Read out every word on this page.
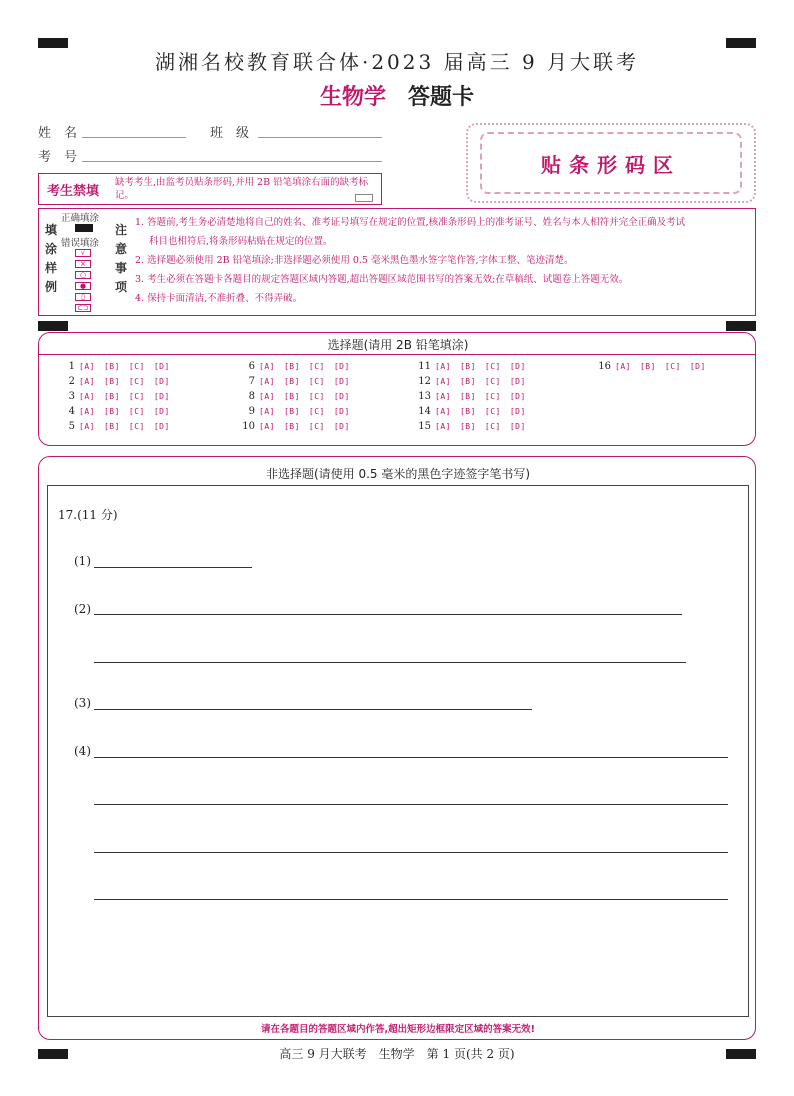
湖湘名校教育联合体·2023 届高三 9 月大联考
生物学 答题卡
姓　名	班　级
考　号	贴条形码区
考生禁填
缺考考生,由监考员贴条形码,并用 2B 铅笔填涂右面的缺考标记。
填
涂
样
例
正确填涂
错误填涂
√
×
○
●
▯
⊂⊃
注
意
事
项
1. 答题前,考生务必清楚地将自己的姓名、准考证号填写在规定的位置,核准条形码上的准考证号、姓名与本人相符并完全正确及考试
科目也相符后,将条形码粘贴在规定的位置。
2. 选择题必须使用 2B 铅笔填涂;非选择题必须使用 0.5 毫米黑色墨水签字笔作答,字体工整、笔迹清楚。
3. 考生必须在答题卡各题目的规定答题区域内答题,超出答题区域范围书写的答案无效;在草稿纸、试题卷上答题无效。
4. 保持卡面清洁,不准折叠、不得弄破。
选择题(请用 2B 铅笔填涂)
1 [A] [B] [C] [D]
2 [A] [B] [C] [D]
3 [A] [B] [C] [D]
4 [A] [B] [C] [D]
5 [A] [B] [C] [D]
6 [A] [B] [C] [D]
7 [A] [B] [C] [D]
8 [A] [B] [C] [D]
9 [A] [B] [C] [D]
10 [A] [B] [C] [D]
11 [A] [B] [C] [D]
12 [A] [B] [C] [D]
13 [A] [B] [C] [D]
14 [A] [B] [C] [D]
15 [A] [B] [C] [D]
16 [A] [B] [C] [D]
非选择题(请使用 0.5 毫米的黑色字迹签字笔书写)
17.(11 分)
(1)
(2)
(3)
(4)
请在各题目的答题区域内作答,超出矩形边框限定区域的答案无效!
高三 9 月大联考　生物学　第 1 页(共 2 页)
